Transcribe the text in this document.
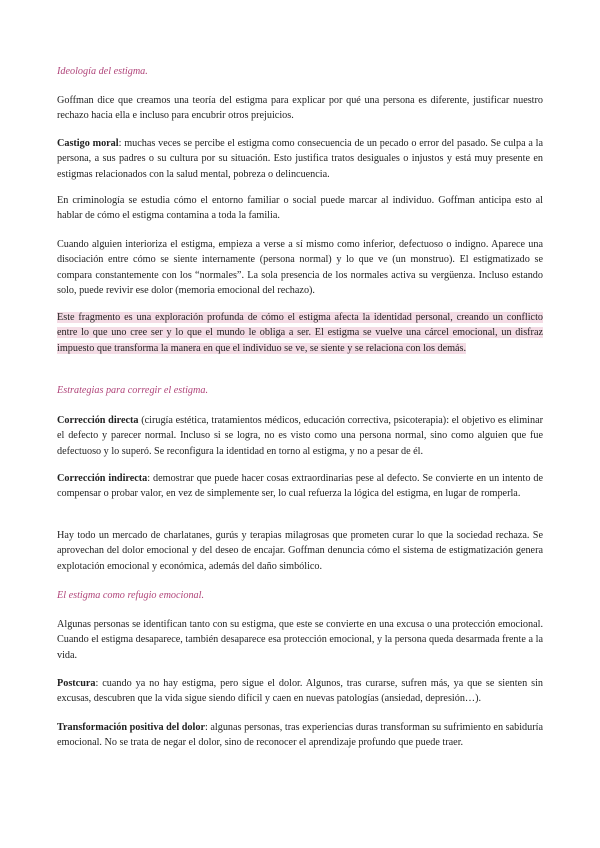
Ideología del estigma.

Goffman dice que creamos una teoría del estigma para explicar por qué una persona es diferente, justificar nuestro rechazo hacia ella e incluso para encubrir otros prejuicios.

Castigo moral: muchas veces se percibe el estigma como consecuencia de un pecado o error del pasado. Se culpa a la persona, a sus padres o su cultura por su situación. Esto justifica tratos desiguales o injustos y está muy presente en estigmas relacionados con la salud mental, pobreza o delincuencia.

En criminología se estudia cómo el entorno familiar o social puede marcar al individuo. Goffman anticipa esto al hablar de cómo el estigma contamina a toda la familia.

Cuando alguien interioriza el estigma, empieza a verse a sí mismo como inferior, defectuoso o indigno. Aparece una disociación entre cómo se siente internamente (persona normal) y lo que ve (un monstruo). El estigmatizado se compara constantemente con los “normales”. La sola presencia de los normales activa su vergüenza. Incluso estando solo, puede revivir ese dolor (memoria emocional del rechazo).

Este fragmento es una exploración profunda de cómo el estigma afecta la identidad personal, creando un conflicto entre lo que uno cree ser y lo que el mundo le obliga a ser. El estigma se vuelve una cárcel emocional, un disfraz impuesto que transforma la manera en que el individuo se ve, se siente y se relaciona con los demás.

Estrategias para corregir el estigma.

Corrección directa (cirugía estética, tratamientos médicos, educación correctiva, psicoterapia): el objetivo es eliminar el defecto y parecer normal. Incluso si se logra, no es visto como una persona normal, sino como alguien que fue defectuoso y lo superó. Se reconfigura la identidad en torno al estigma, y no a pesar de él.

Corrección indirecta: demostrar que puede hacer cosas extraordinarias pese al defecto. Se convierte en un intento de compensar o probar valor, en vez de simplemente ser, lo cual refuerza la lógica del estigma, en lugar de romperla.

Hay todo un mercado de charlatanes, gurús y terapias milagrosas que prometen curar lo que la sociedad rechaza. Se aprovechan del dolor emocional y del deseo de encajar. Goffman denuncia cómo el sistema de estigmatización genera explotación emocional y económica, además del daño simbólico.

El estigma como refugio emocional.

Algunas personas se identifican tanto con su estigma, que este se convierte en una excusa o una protección emocional. Cuando el estigma desaparece, también desaparece esa protección emocional, y la persona queda desarmada frente a la vida.

Postcura: cuando ya no hay estigma, pero sigue el dolor. Algunos, tras curarse, sufren más, ya que se sienten sin excusas, descubren que la vida sigue siendo difícil y caen en nuevas patologías (ansiedad, depresión…).

Transformación positiva del dolor: algunas personas, tras experiencias duras transforman su sufrimiento en sabiduría emocional. No se trata de negar el dolor, sino de reconocer el aprendizaje profundo que puede traer.
